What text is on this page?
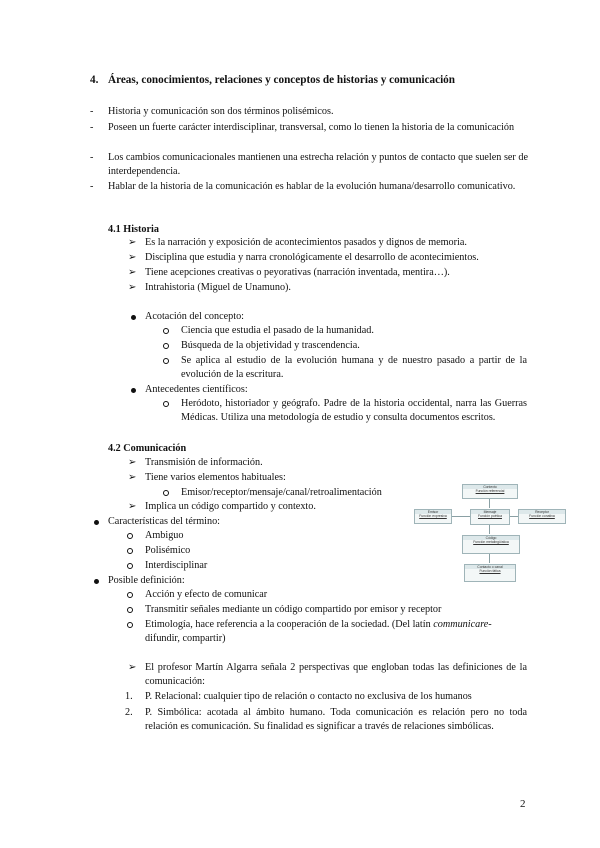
4. Áreas, conocimientos, relaciones y conceptos de historias y comunicación
- Historia y comunicación son dos términos polisémicos.
- Poseen un fuerte carácter interdisciplinar, transversal, como lo tienen la historia de la comunicación
- Los cambios comunicacionales mantienen una estrecha relación y puntos de contacto que suelen ser de interdependencia.
- Hablar de la historia de la comunicación es hablar de la evolución humana/desarrollo comunicativo.
4.1 Historia
➢ Es la narración y exposición de acontecimientos pasados y dignos de memoria.
➢ Disciplina que estudia y narra cronológicamente el desarrollo de acontecimientos.
➢ Tiene acepciones creativas o peyorativas (narración inventada, mentira…).
➢ Intrahistoria (Miguel de Unamuno).
Acotación del concepto:
Ciencia que estudia el pasado de la humanidad.
Búsqueda de la objetividad y trascendencia.
Se aplica al estudio de la evolución humana y de nuestro pasado a partir de la evolución de la escritura.
Antecedentes científicos:
Heródoto, historiador y geógrafo. Padre de la historia occidental, narra las Guerras Médicas. Utiliza una metodología de estudio y consulta documentos escritos.
4.2 Comunicación
➢ Transmisión de información.
➢ Tiene varios elementos habituales:
Emisor/receptor/mensaje/canal/retroalimentación
➢ Implica un código compartido y contexto.
Características del término:
Ambiguo
Polisémico
Interdisciplinar
Posible definición:
Acción y efecto de comunicar
Transmitir señales mediante un código compartido por emisor y receptor
Etimología, hace referencia a la cooperación de la sociedad. (Del latín communicare-
difundir, compartir)
➢ El profesor Martín Algarra señala 2 perspectivas que engloban todas las definiciones de la comunicación:
1. P. Relacional: cualquier tipo de relación o contacto no exclusiva de los humanos
2. P. Simbólica: acotada al ámbito humano. Toda comunicación es relación pero no toda relación es comunicación. Su finalidad es significar a través de relaciones simbólicas.
Contexto
Función referencial
Emisor
Función expresiva
Mensaje
Función poética
Receptor
Función conativa
Código
Función metalingüística
Contacto o canal
Función fática
2
